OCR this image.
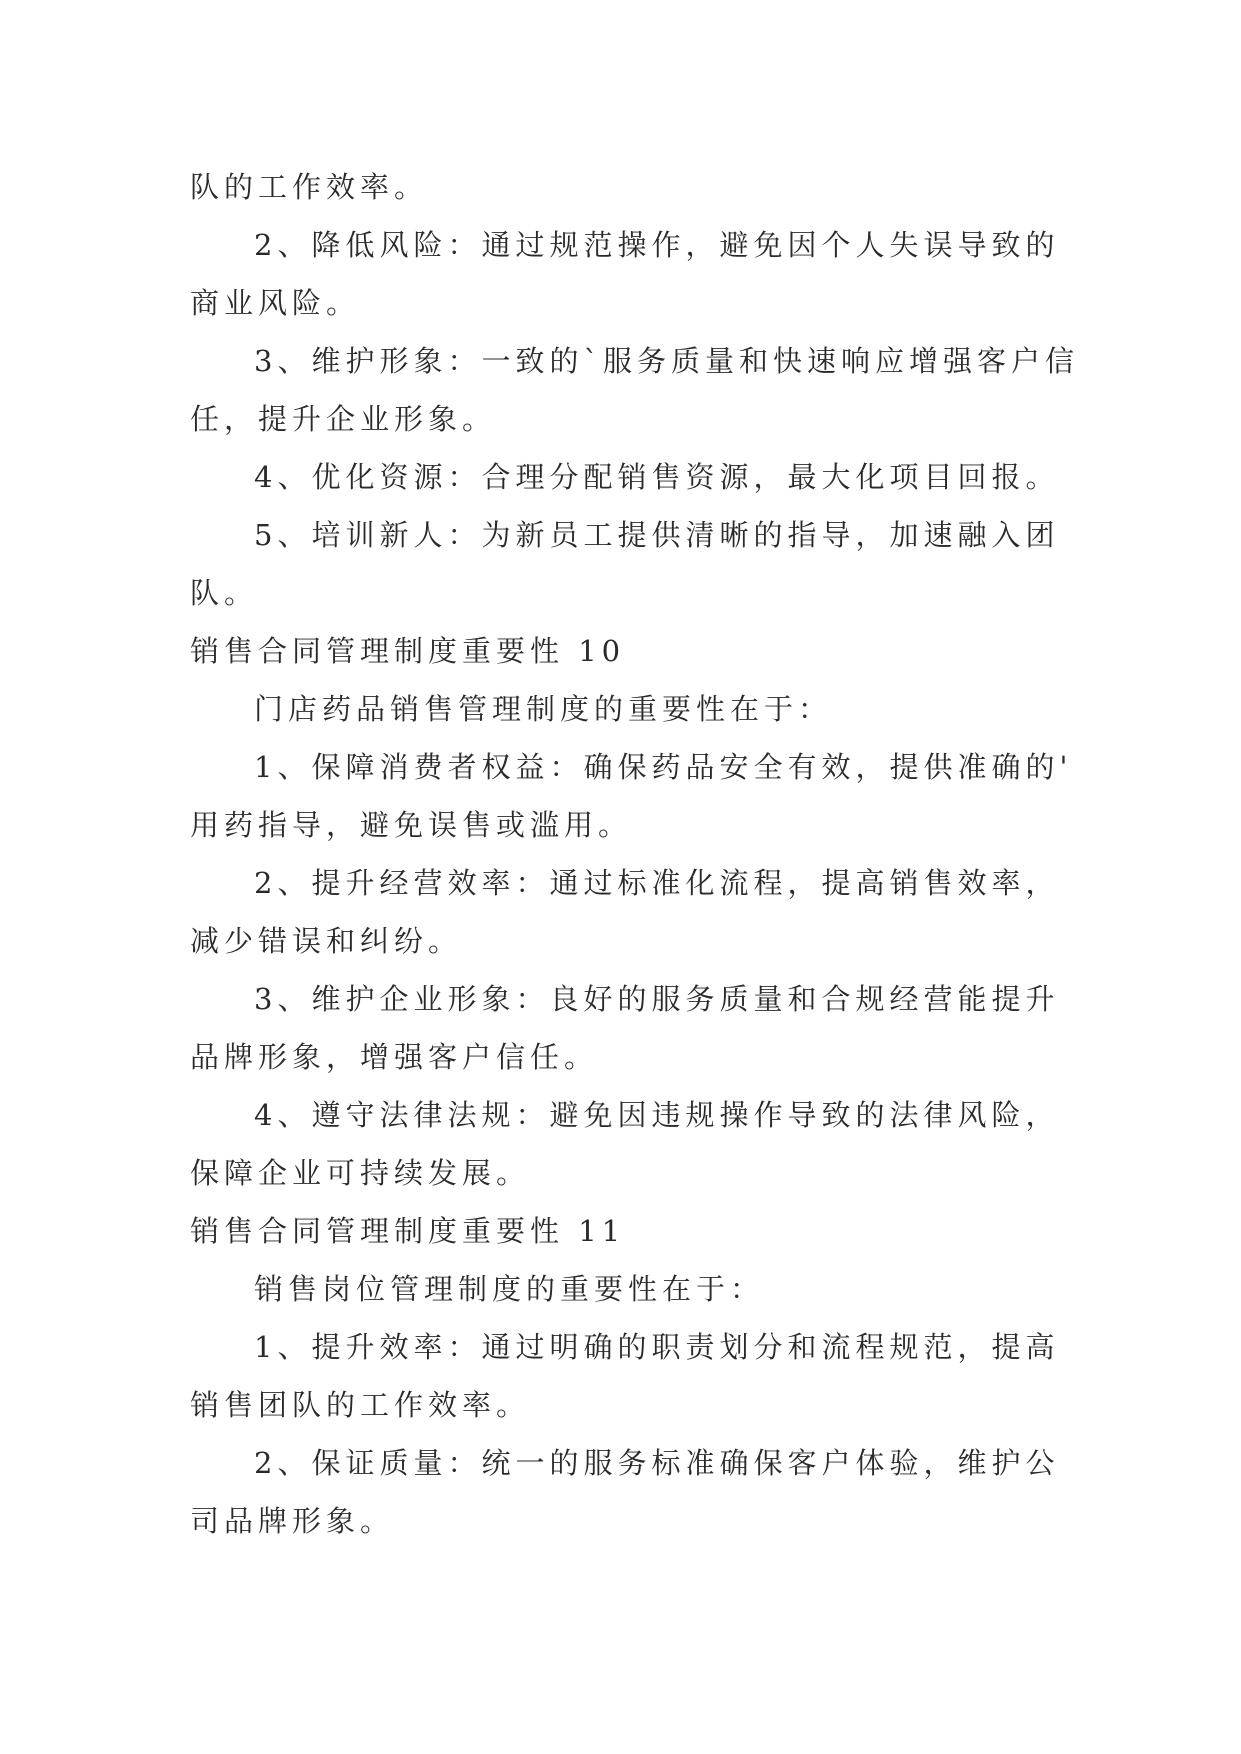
队的工作效率。
2、降低风险：通过规范操作，避免因个人失误导致的
商业风险。
3、维护形象：一致的`服务质量和快速响应增强客户信
任，提升企业形象。
4、优化资源：合理分配销售资源，最大化项目回报。
5、培训新人：为新员工提供清晰的指导，加速融入团
队。
销售合同管理制度重要性 10
门店药品销售管理制度的重要性在于：
1、保障消费者权益：确保药品安全有效，提供准确的'
用药指导，避免误售或滥用。
2、提升经营效率：通过标准化流程，提高销售效率，
减少错误和纠纷。
3、维护企业形象：良好的服务质量和合规经营能提升
品牌形象，增强客户信任。
4、遵守法律法规：避免因违规操作导致的法律风险，
保障企业可持续发展。
销售合同管理制度重要性 11
销售岗位管理制度的重要性在于：
1、提升效率：通过明确的职责划分和流程规范，提高
销售团队的工作效率。
2、保证质量：统一的服务标准确保客户体验，维护公
司品牌形象。
